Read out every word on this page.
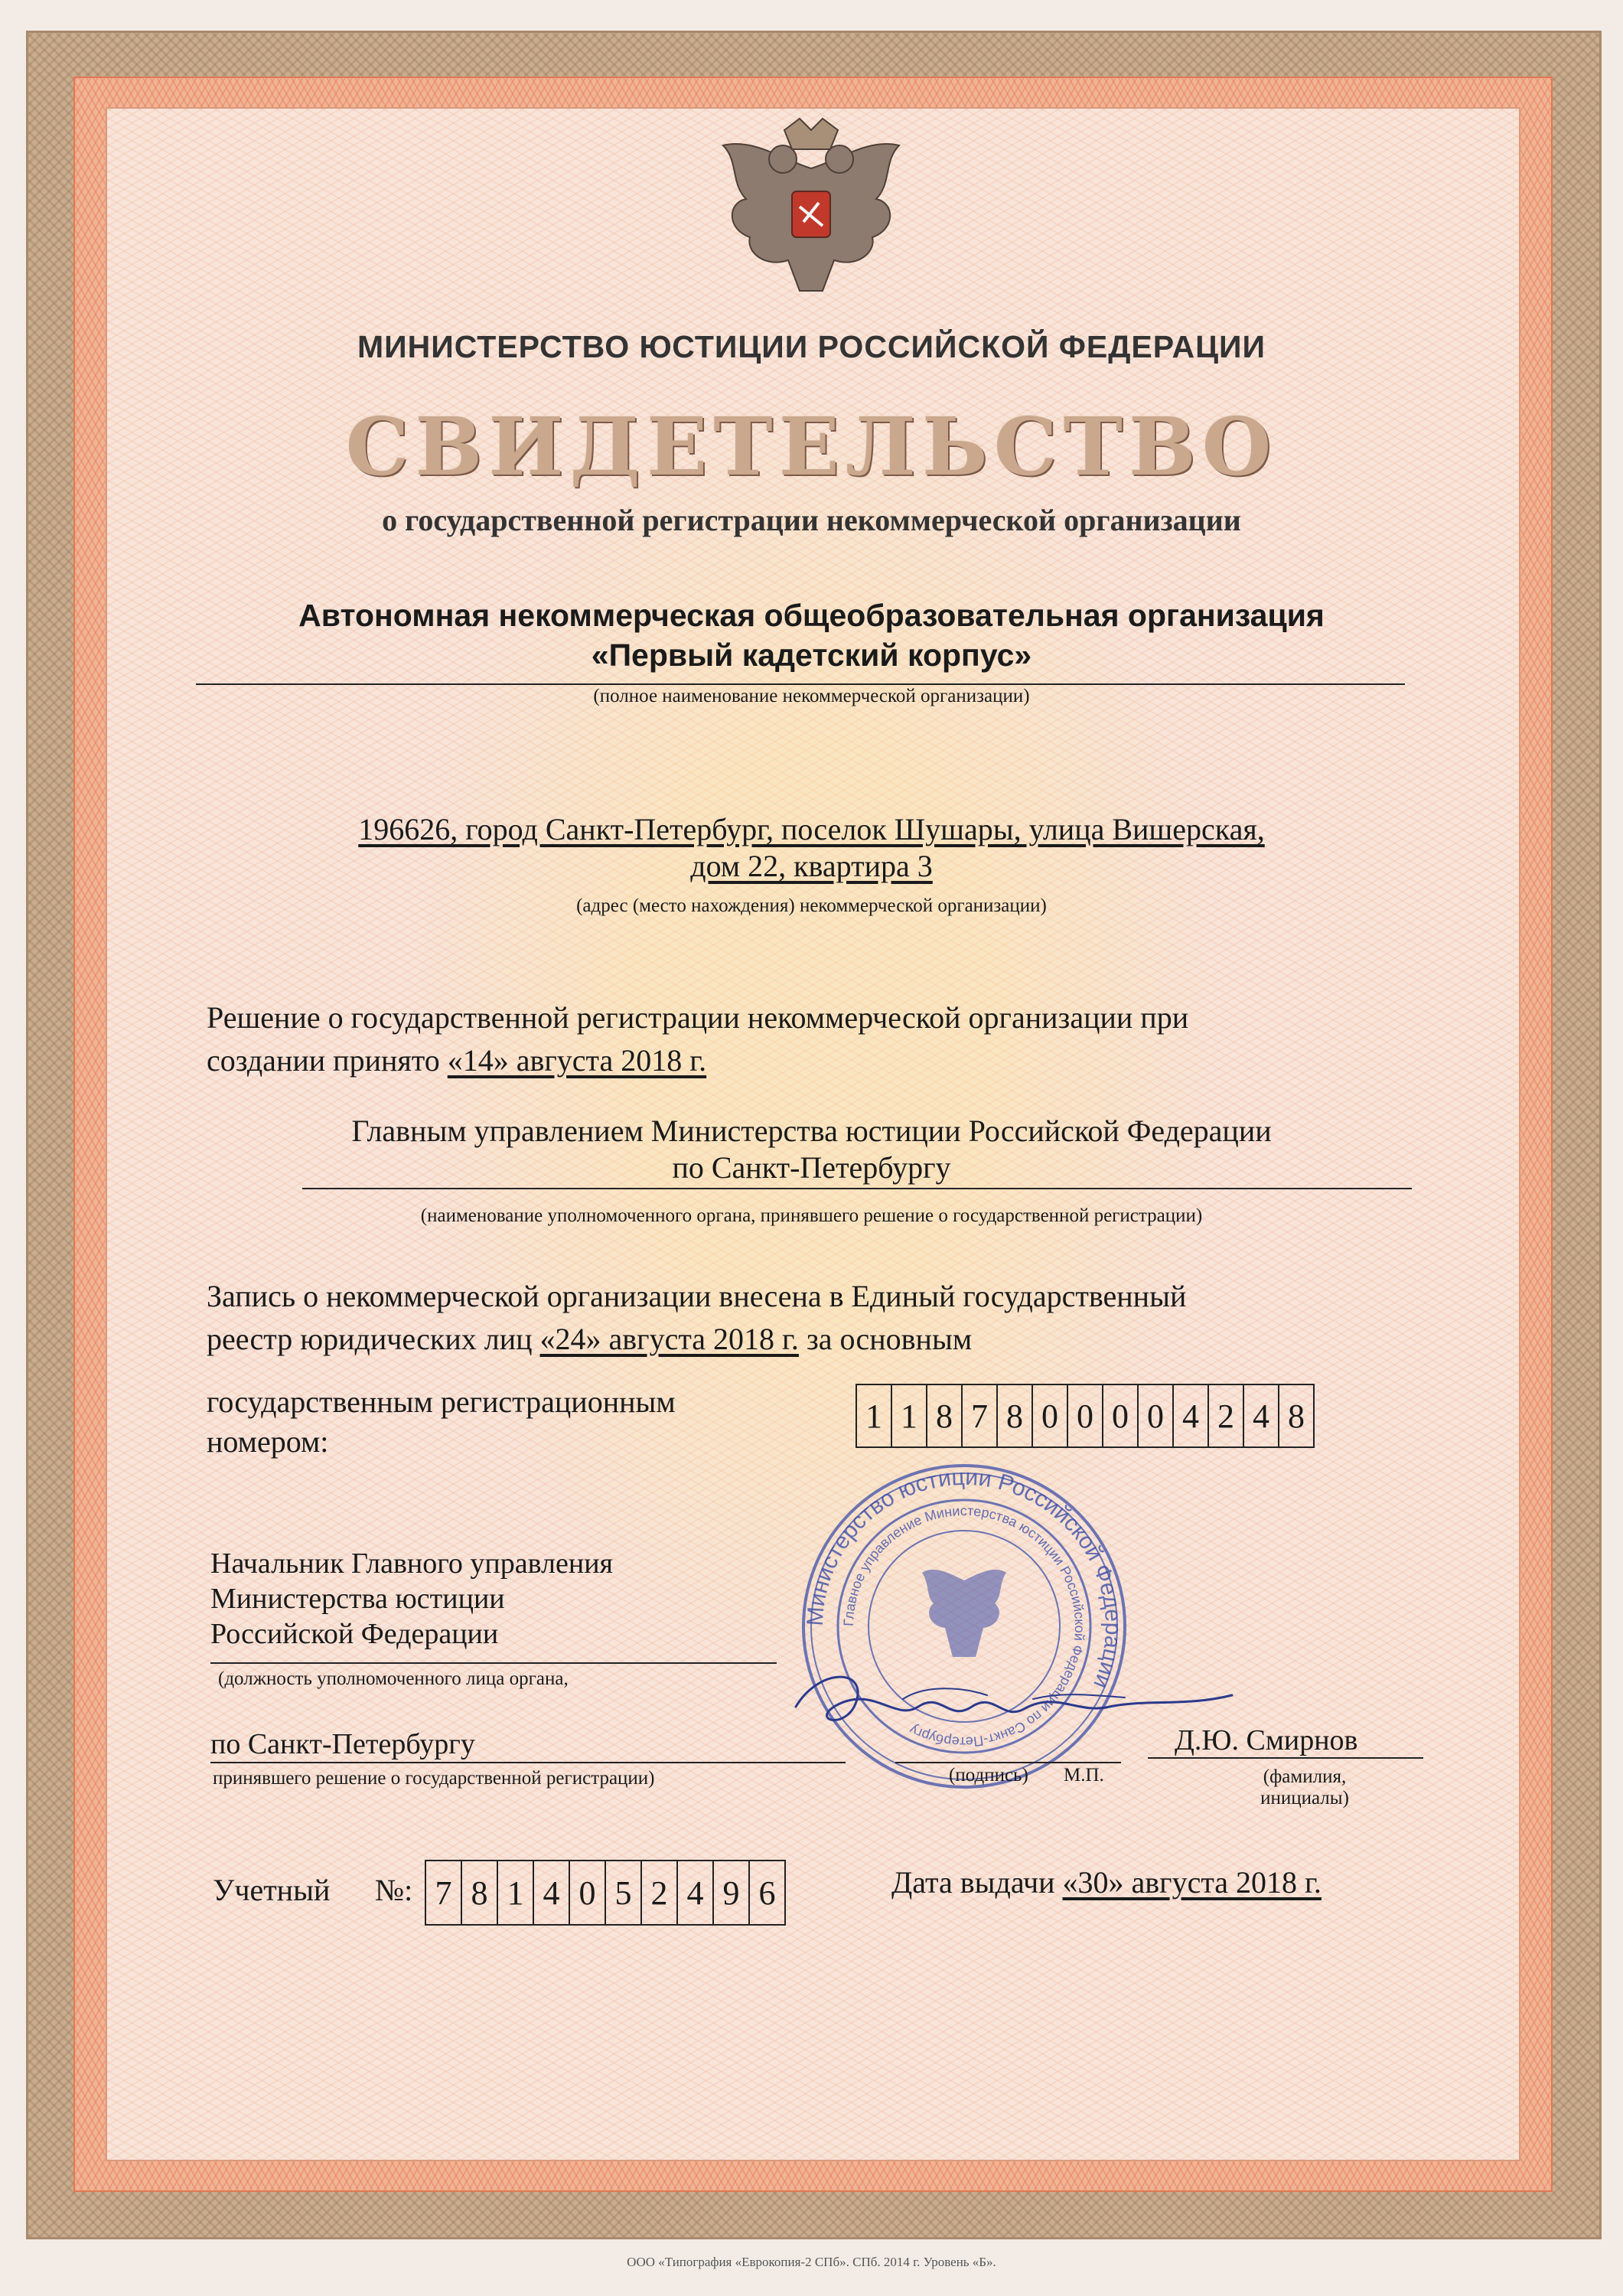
МИНИСТЕРСТВО ЮСТИЦИИ РОССИЙСКОЙ ФЕДЕРАЦИИ
СВИДЕТЕЛЬСТВО
о государственной регистрации некоммерческой организации
Автономная некоммерческая общеобразовательная организация
«Первый кадетский корпус»
(полное наименование некоммерческой организации)
196626, город Санкт-Петербург, поселок Шушары, улица Вишерская,
дом 22, квартира 3
(адрес (место нахождения) некоммерческой организации)
Решение о государственной регистрации некоммерческой организации при
создании принято «14» августа 2018 г.
Главным управлением Министерства юстиции Российской Федерации
по Санкт-Петербургу
(наименование уполномоченного органа, принявшего решение о государственной регистрации)
Запись о некоммерческой организации внесена в Единый государственный
реестр юридических лиц «24» августа 2018 г. за основным
государственным регистрационным
номером:
1 1 8 7 8 0 0 0 0 4 2 4 8
Начальник Главного управления
Министерства юстиции
Российской Федерации
(должность уполномоченного лица органа,
по Санкт-Петербургу
принявшего решение о государственной регистрации)
Министерство юстиции Российской Федерации
Главное управление Министерства юстиции Российской Федерации по Санкт-Петербургу
(подпись) М.П.
Д.Ю. Смирнов
(фамилия,
инициалы)
Учетный №: 7 8 1 4 0 5 2 4 9 6	Дата выдачи «30» августа 2018 г.
ООО «Типография «Еврокопия-2 СПб». СПб. 2014 г. Уровень «Б».
